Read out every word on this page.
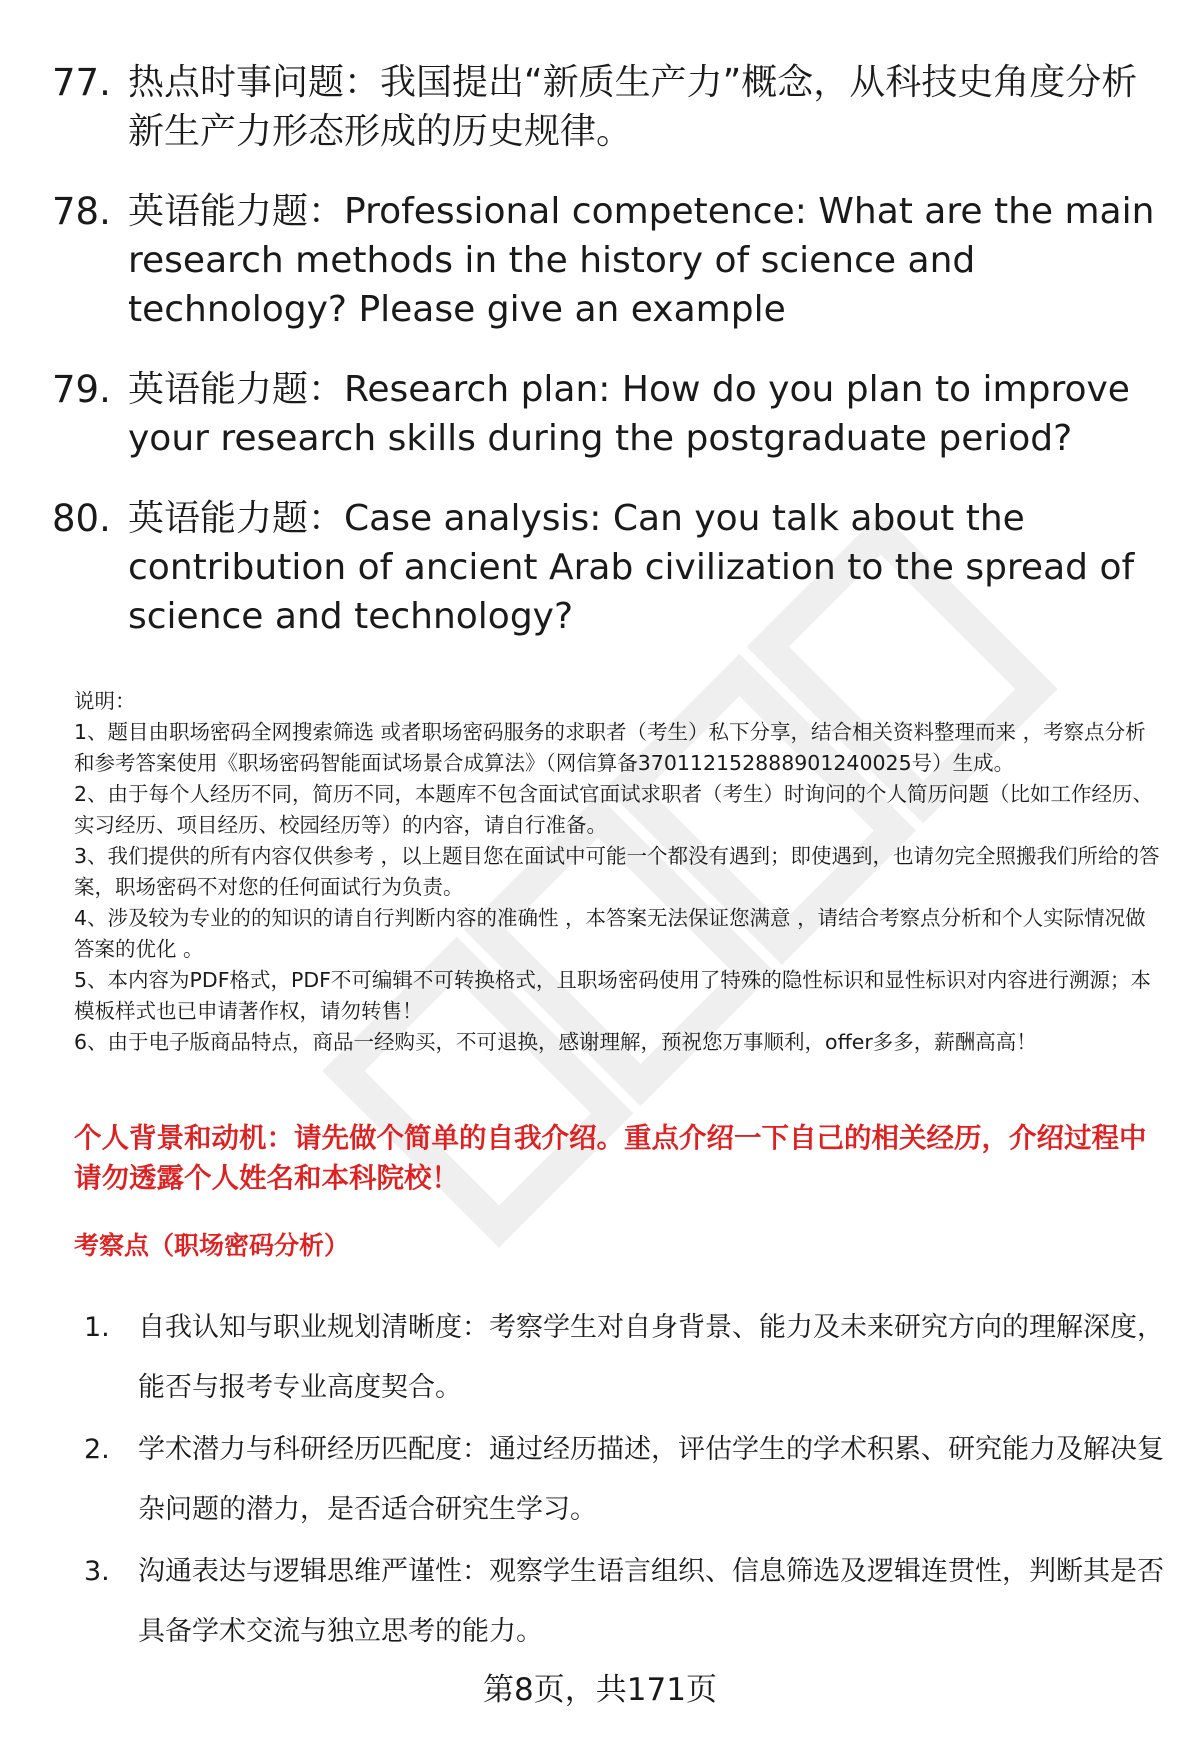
77. 热点时事问题：我国提出“新质生产力”概念，从科技史角度分析新生产力形态形成的历史规律。
78. 英语能力题：Professional competence: What are the main research methods in the history of science and technology? Please give an example
79. 英语能力题：Research plan: How do you plan to improve your research skills during the postgraduate period?
80. 英语能力题：Case analysis: Can you talk about the contribution of ancient Arab civilization to the spread of science and technology?

说明：

1、题目由职场密码全网搜索筛选 或者职场密码服务的求职者（考生）私下分享，结合相关资料整理而来 ，考察点分析和参考答案使用《职场密码智能面试场景合成算法》（网信算备370112152888901240025号）生成。

2、由于每个人经历不同，简历不同，本题库不包含面试官面试求职者（考生）时询问的个人简历问题（比如工作经历、实习经历、项目经历、校园经历等）的内容，请自行准备。

3、我们提供的所有内容仅供参考 ，以上题目您在面试中可能一个都没有遇到；即使遇到，也请勿完全照搬我们所给的答案，职场密码不对您的任何面试行为负责。

4、涉及较为专业的的知识的请自行判断内容的准确性 ，本答案无法保证您满意 ，请结合考察点分析和个人实际情况做答案的优化 。

5、本内容为PDF格式，PDF不可编辑不可转换格式，且职场密码使用了特殊的隐性标识和显性标识对内容进行溯源；本模板样式也已申请著作权，请勿转售！

6、由于电子版商品特点，商品一经购买，不可退换，感谢理解，预祝您万事顺利，offer多多，薪酬高高！

个人背景和动机：请先做个简单的自我介绍。重点介绍一下自己的相关经历，介绍过程中请勿透露个人姓名和本科院校！
考察点（职场密码分析）
1.	自我认知与职业规划清晰度：考察学生对自身背景、能力及未来研究方向的理解深度，能否与报考专业高度契合。
2.	学术潜力与科研经历匹配度：通过经历描述，评估学生的学术积累、研究能力及解决复杂问题的潜力，是否适合研究生学习。
3.	沟通表达与逻辑思维严谨性：观察学生语言组织、信息筛选及逻辑连贯性，判断其是否具备学术交流与独立思考的能力。
第8页，共171页
